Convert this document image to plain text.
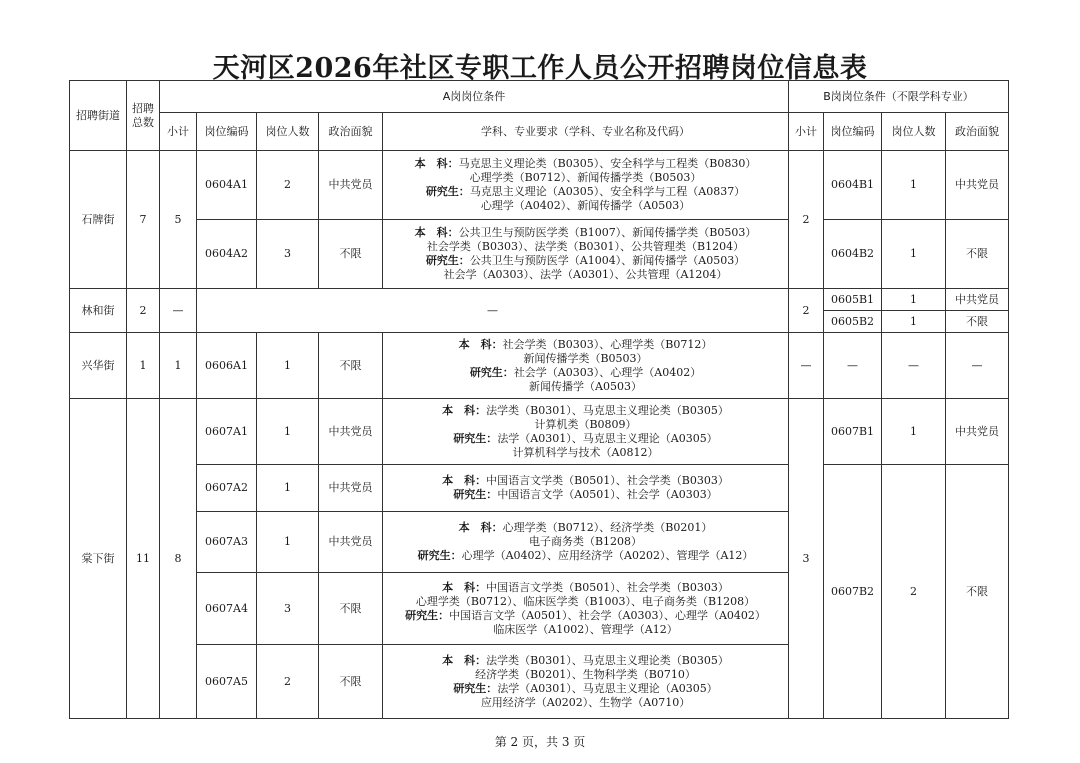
天河区2026年社区专职工作人员公开招聘岗位信息表
招聘街道	招聘
总数	A岗岗位条件					B岗岗位条件（不限学科专业）			
		小计	岗位编码	岗位人数	政治面貌	学科、专业要求（学科、专业名称及代码）	小计	岗位编码	岗位人数	政治面貌
石牌街	7	5	0604A1	2	中共党员	本　科：马克思主义理论类（B0305）、安全科学与工程类（B0830）
心理学类（B0712）、新闻传播学类（B0503）
研究生：马克思主义理论（A0305）、安全科学与工程（A0837）
心理学（A0402）、新闻传播学（A0503）	2	0604B1	1	中共党员
			0604A2	3	不限	本　科：公共卫生与预防医学类（B1007）、新闻传播学类（B0503）
社会学类（B0303）、法学类（B0301）、公共管理类（B1204）
研究生：公共卫生与预防医学（A1004）、新闻传播学（A0503）
社会学（A0303）、法学（A0301）、公共管理（A1204）		0604B2	1	不限
林和街	2	—	—				2	0605B1	1	中共党员
								0605B2	1	不限
兴华街	1	1	0606A1	1	不限	本　科：社会学类（B0303）、心理学类（B0712）
新闻传播学类（B0503）
研究生：社会学（A0303）、心理学（A0402）
新闻传播学（A0503）	—	—	—	—
棠下街	11	8	0607A1	1	中共党员	本　科：法学类（B0301）、马克思主义理论类（B0305）
计算机类（B0809）
研究生：法学（A0301）、马克思主义理论（A0305）
计算机科学与技术（A0812）	3	0607B1	1	中共党员
			0607A2	1	中共党员	本　科：中国语言文学类（B0501）、社会学类（B0303）
研究生：中国语言文学（A0501）、社会学（A0303）		0607B2	2	不限
			0607A3	1	中共党员	本　科：心理学类（B0712）、经济学类（B0201）
电子商务类（B1208）
研究生：心理学（A0402）、应用经济学（A0202）、管理学（A12）				

			0607A4	3	不限	本　科：中国语言文学类（B0501）、社会学类（B0303）
心理学类（B0712）、临床医学类（B1003）、电子商务类（B1208）
研究生：中国语言文学（A0501）、社会学（A0303）、心理学（A0402）
临床医学（A1002）、管理学（A12）				

			0607A5	2	不限	本　科：法学类（B0301）、马克思主义理论类（B0305）
经济学类（B0201）、生物科学类（B0710）
研究生：法学（A0301）、马克思主义理论（A0305）
应用经济学（A0202）、生物学（A0710）				
第 2 页，共 3 页
